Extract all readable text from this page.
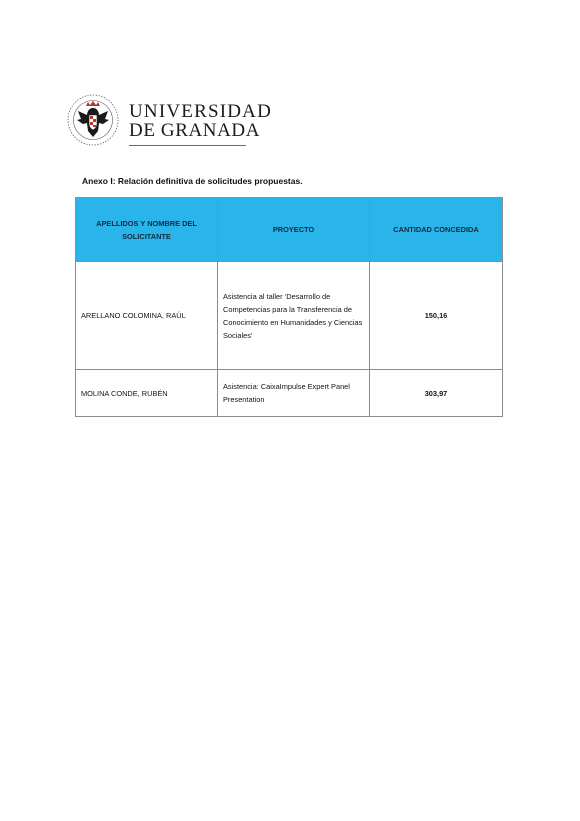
UNIVERSIDAD
DE GRANADA
Anexo I: Relación definitiva de solicitudes propuestas.
APELLIDOS Y NOMBRE DEL SOLICITANTE	PROYECTO	CANTIDAD CONCEDIDA
ARELLANO COLOMINA, RAÚL	Asistencia al taller ‘Desarrollo de Competencias para la Transferencia de Conocimiento en Humanidades y Ciencias Sociales’	150,16
MOLINA CONDE, RUBÉN	Asistencia: CaixaImpulse Expert Panel Presentation	303,97
